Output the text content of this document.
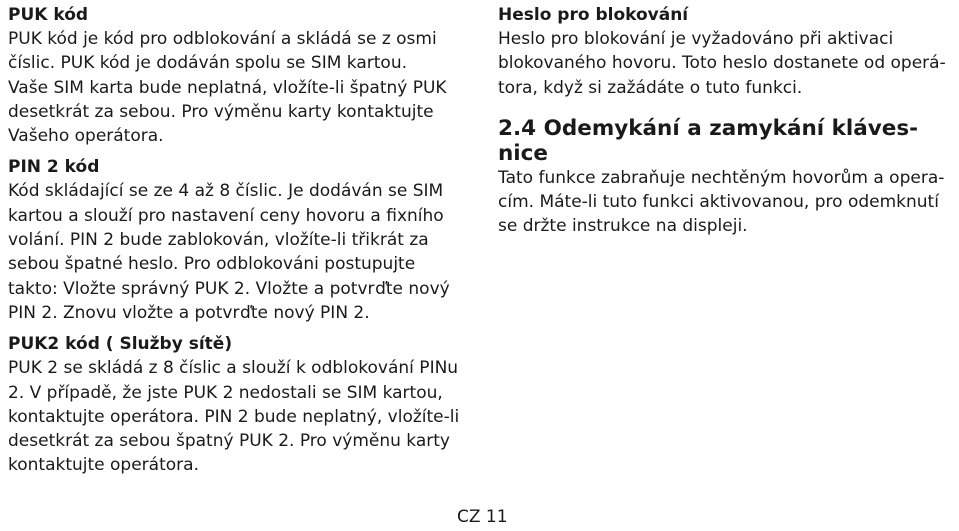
PUK kód

PUK kód je kód pro odblokování a skládá se z osmi
číslic. PUK kód je dodáván spolu se SIM kartou.
Vaše SIM karta bude neplatná, vložíte-li špatný PUK
desetkrát za sebou. Pro výměnu karty kontaktujte
Vašeho operátora.

PIN 2 kód

Kód skládající se ze 4 až 8 číslic. Je dodáván se SIM
kartou a slouží pro nastavení ceny hovoru a fixního
volání. PIN 2 bude zablokován, vložíte-li třikrát za
sebou špatné heslo. Pro odblokováni postupujte
takto: Vložte správný PUK 2. Vložte a potvrďte nový
PIN 2. Znovu vložte a potvrďte nový PIN 2.

PUK2 kód ( Služby sítě)

PUK 2 se skládá z 8 číslic a slouží k odblokování PINu
2. V případě, že jste PUK 2 nedostali se SIM kartou,
kontaktujte operátora. PIN 2 bude neplatný, vložíte-li
desetkrát za sebou špatný PUK 2. Pro výměnu karty
kontaktujte operátora.

Heslo pro blokování

Heslo pro blokování je vyžadováno při aktivaci
blokovaného hovoru. Toto heslo dostanete od operá-
tora, když si zažádáte o tuto funkci.

2.4 Odemykání a zamykání kláves-
nice

Tato funkce zabraňuje nechtěným hovorům a opera-
cím. Máte-li tuto funkci aktivovanou, pro odemknutí
se držte instrukce na displeji.

CZ 11
